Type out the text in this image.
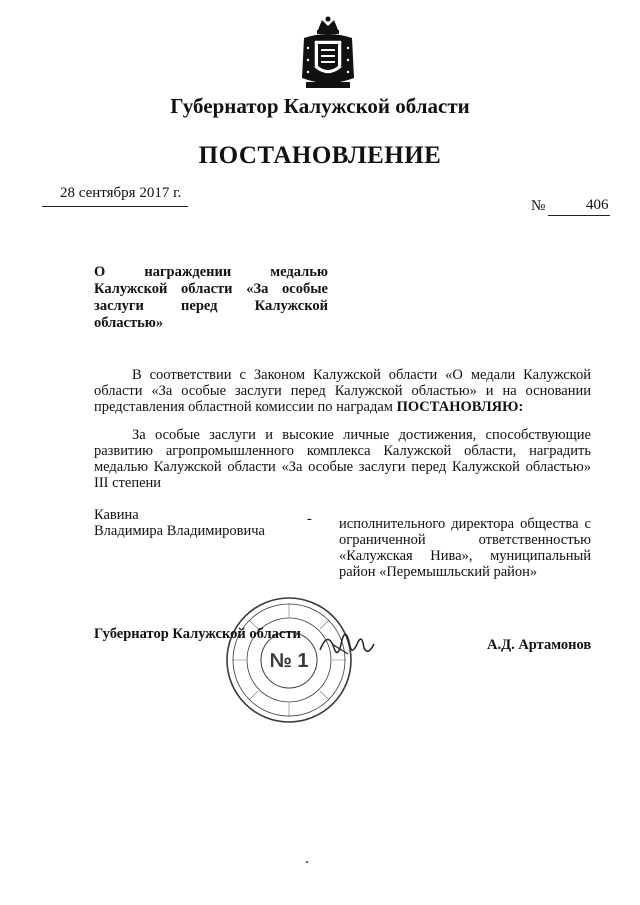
Губернатор Калужской области
ПОСТАНОВЛЕНИЕ
28 сентября 2017 г.
№	406
О награждении медалью Калужской области «За особые заслуги перед Калужской областью»
В соответствии с Законом Калужской области «О медали Калужской области «За особые заслуги перед Калужской областью» и на основании представления областной комиссии по наградам ПОСТАНОВЛЯЮ:
За особые заслуги и высокие личные достижения, способствующие развитию агропромышленного комплекса Калужской области, наградить медалью Калужской области «За особые заслуги перед Калужской областью» III степени
Кавина
Владимира Владимировича
- исполнительного директора общества с ограниченной ответственностью «Калужская Нива», муниципальный район «Перемышльский район»
№ 1
Губернатор Калужской области
А.Д. Артамонов
